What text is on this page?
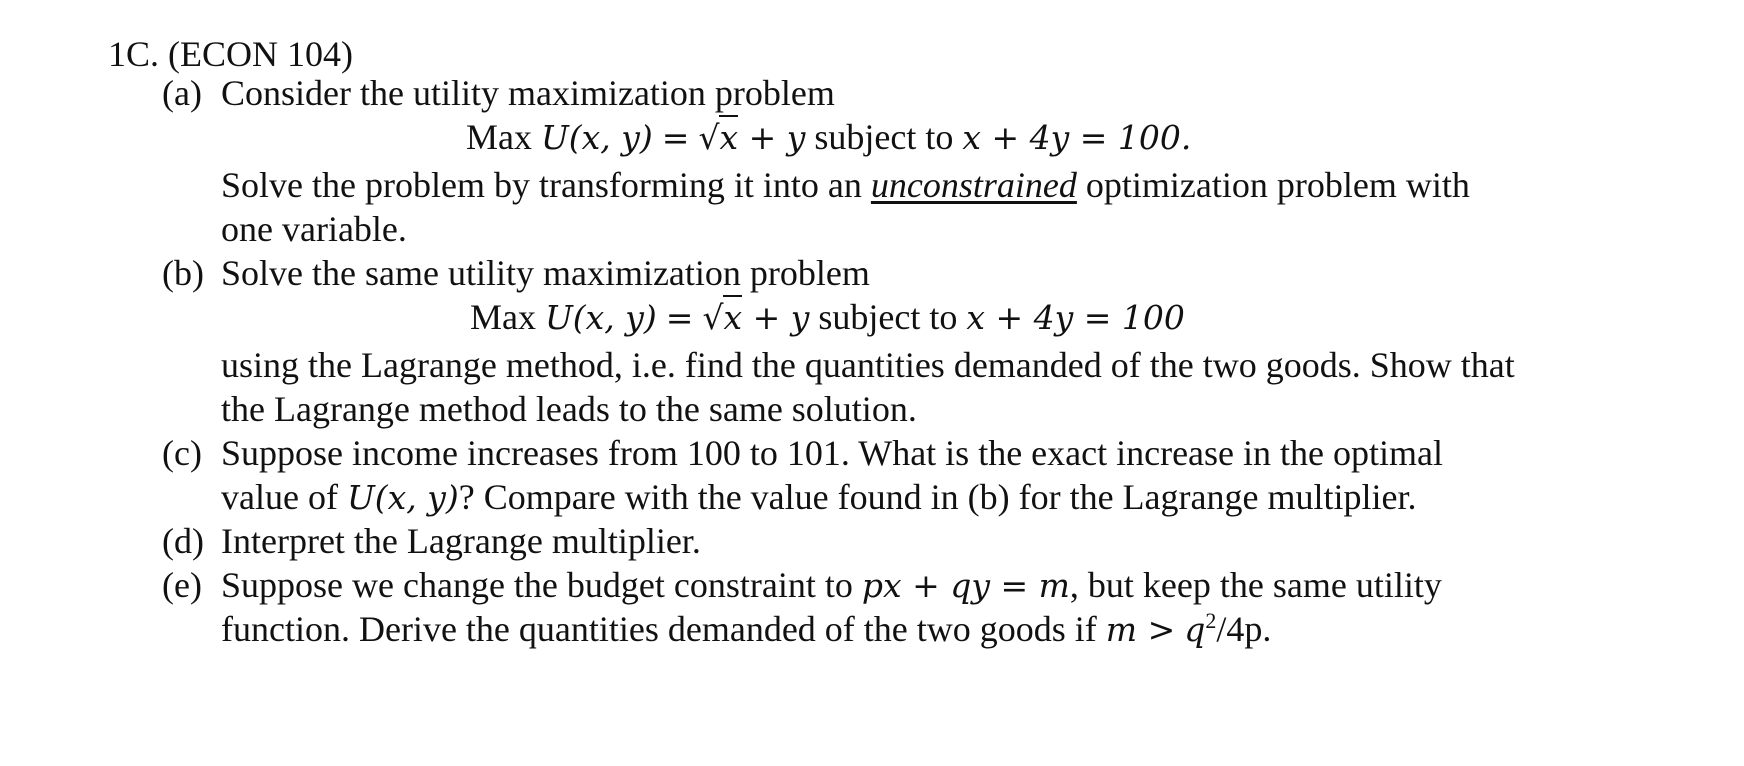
1C. (ECON 104)
(a) Consider the utility maximization problem
Max U(x, y) = √x + y subject to x + 4y = 100.
Solve the problem by transforming it into an unconstrained optimization problem with
one variable.
(b) Solve the same utility maximization problem
Max U(x, y) = √x + y subject to x + 4y = 100
using the Lagrange method, i.e. find the quantities demanded of the two goods. Show that
the Lagrange method leads to the same solution.
(c) Suppose income increases from 100 to 101. What is the exact increase in the optimal
value of U(x, y)? Compare with the value found in (b) for the Lagrange multiplier.
(d) Interpret the Lagrange multiplier.
(e) Suppose we change the budget constraint to px + qy = m, but keep the same utility
function. Derive the quantities demanded of the two goods if $m > q^2/4p$.
